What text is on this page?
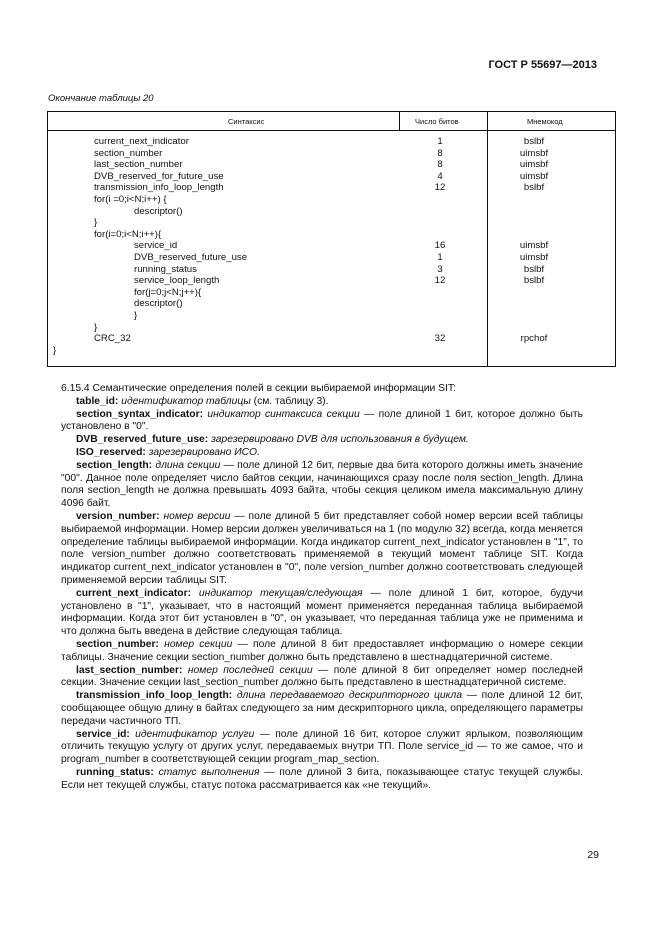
ГОСТ Р 55697—2013
Окончание таблицы 20
Синтаксис	Число битов	Мнемокод
current_next_indicator	1	bslbf
section_number	8	uimsbf
last_section_number	8	uimsbf
DVB_reserved_for_future_use	4	uimsbf
transmission_info_loop_length	12	bslbf
for(i =0;i<N;i++) {
descriptor()
}
for(i=0;i<N;i++){
service_id	16	uimsbf
DVB_reserved_future_use	1	uimsbf
running_status	3	bslbf
service_loop_length	12	bslbf
for(j=0;j<N;j++){
descriptor()
}
}
CRC_32	32	rpchof
}

6.15.4 Семантические определения полей в секции выбираемой информации SIT:

table_id: идентификатор таблицы (см. таблицу 3).

section_syntax_indicator: индикатор синтаксиса секции — поле длиной 1 бит, которое должно быть установлено в "0".

DVB_reserved_future_use: зарезервировано DVB для использования в будущем.

ISO_reserved: зарезервировано ИСО.

section_length: длина секции — поле длиной 12 бит, первые два бита которого должны иметь значение "00". Данное поле определяет число байтов секции, начинающихся сразу после поля section_length. Длина поля section_length не должна превышать 4093 байта, чтобы секция целиком имела максимальную длину 4096 байт.

version_number: номер версии — поле длиной 5 бит представляет собой номер версии всей таблицы выбираемой информации. Номер версии должен увеличиваться на 1 (по модулю 32) всегда, когда меняется определение таблицы выбираемой информации. Когда индикатор current_next_indicator установлен в "1", то поле version_number должно соответствовать применяемой в текущий момент таблице SIT. Когда индикатор current_next_indicator установлен в "0", поле version_number должно соответствовать следующей применяемой версии таблицы SIT.

current_next_indicator: индикатор текущая/следующая — поле длиной 1 бит, которое, будучи установлено в "1", указывает, что в настоящий момент применяется переданная таблица выбираемой информации. Когда этот бит установлен в "0", он указывает, что переданная таблица уже не применима и что должна быть введена в действие следующая таблица.

section_number: номер секции — поле длиной 8 бит предоставляет информацию о номере секции таблицы. Значение секции section_number должно быть представлено в шестнадцатеричной системе.

last_section_number: номер последней секции — поле длиной 8 бит определяет номер последней секции. Значение секции last_section_number должно быть представлено в шестнадцатеричной системе.

transmission_info_loop_length: длина передаваемого дескрипторного цикла — поле длиной 12 бит, сообщающее общую длину в байтах следующего за ним дескрипторного цикла, определяющего параметры передачи частичного ТП.

service_id: идентификатор услуги — поле длиной 16 бит, которое служит ярлыком, позволяющим отличить текущую услугу от других услуг, передаваемых внутри ТП. Поле service_id — то же самое, что и program_number в соответствующей секции program_map_section.

running_status: статус выполнения — поле длиной 3 бита, показывающее статус текущей службы. Если нет текущей службы, статус потока рассматривается как «не текущий».

29
